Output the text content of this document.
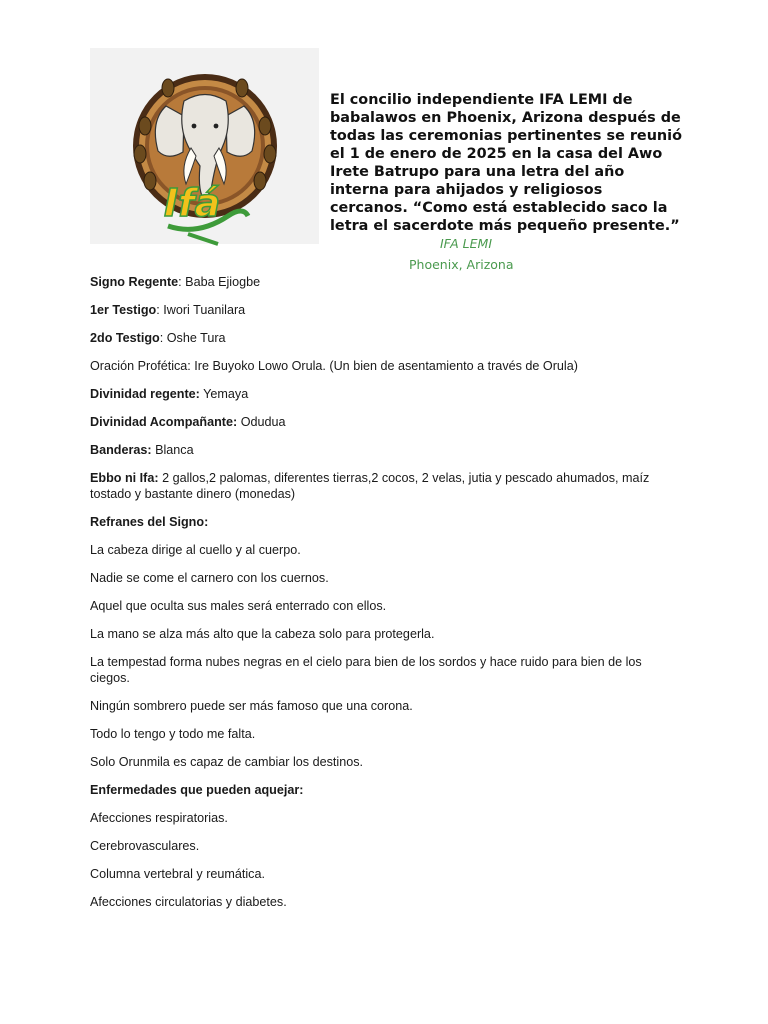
Ifá
El concilio independiente IFA LEMI de babalawos en Phoenix, Arizona después de todas las ceremonias pertinentes se reunió el 1 de enero de 2025 en la casa del Awo Irete Batrupo para una letra del año interna para ahijados y religiosos cercanos. “Como está establecido saco la letra el sacerdote más pequeño presente.”
IFA LEMI
Phoenix, Arizona

Signo Regente: Baba Ejiogbe

1er Testigo: Iwori Tuanilara

2do Testigo: Oshe Tura

Oración Profética: Ire Buyoko Lowo Orula. (Un bien de asentamiento a través de Orula)

Divinidad regente: Yemaya

Divinidad Acompañante: Odudua

Banderas: Blanca

Ebbo ni Ifa: 2 gallos,2 palomas, diferentes tierras,2 cocos, 2 velas, jutia y pescado ahumados, maíz tostado y bastante dinero (monedas)

Refranes del Signo:

La cabeza dirige al cuello y al cuerpo.

Nadie se come el carnero con los cuernos.

Aquel que oculta sus males será enterrado con ellos.

La mano se alza más alto que la cabeza solo para protegerla.

La tempestad forma nubes negras en el cielo para bien de los sordos y hace ruido para bien de los ciegos.

Ningún sombrero puede ser más famoso que una corona.

Todo lo tengo y todo me falta.

Solo Orunmila es capaz de cambiar los destinos.

Enfermedades que pueden aquejar:

Afecciones respiratorias.

Cerebrovasculares.

Columna vertebral y reumática.

Afecciones circulatorias y diabetes.
